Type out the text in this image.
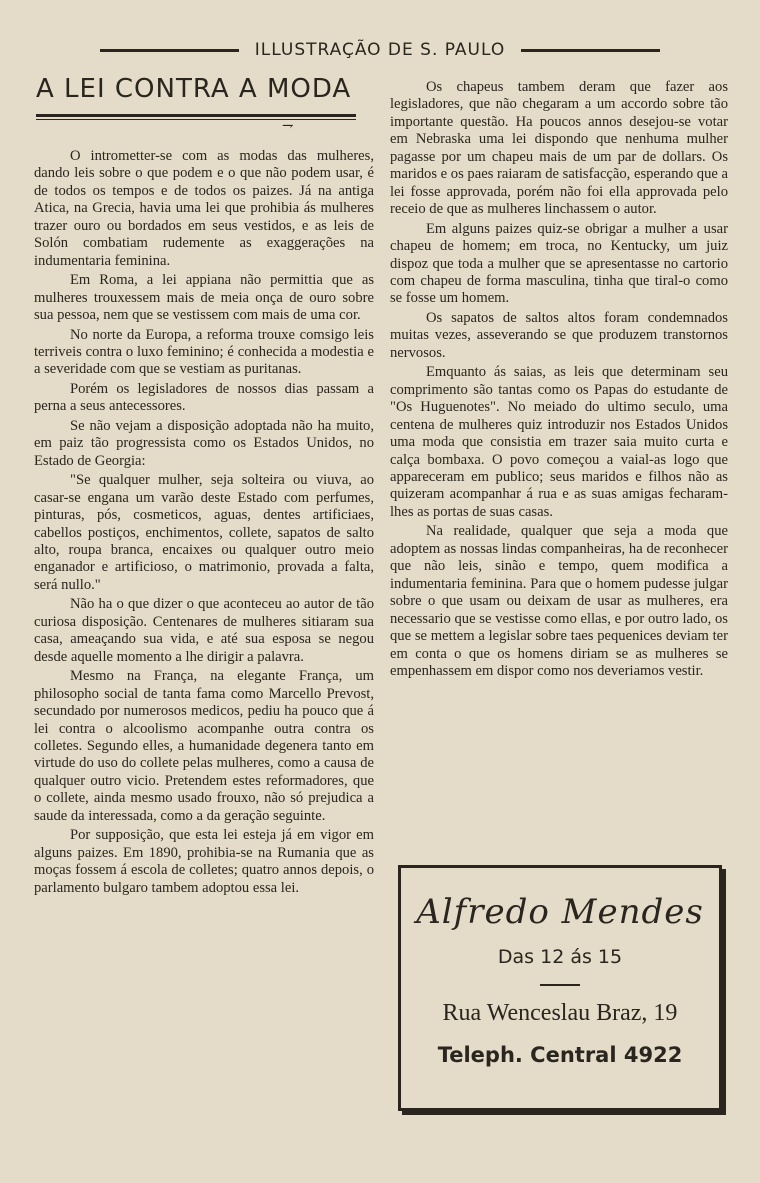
ILLUSTRAÇÃO DE S. PAULO
A LEI CONTRA A MODA
⇁

O intrometter-se com as modas das mulheres, dando leis sobre o que podem e o que não podem usar, é de todos os tempos e de todos os paizes. Já na antiga Atica, na Grecia, havia uma lei que prohibia ás mulheres trazer ouro ou bordados em seus vestidos, e as leis de Solón combatiam rudemente as exaggerações na indumentaria feminina.

Em Roma, a lei appiana não permittia que as mulheres trouxessem mais de meia onça de ouro sobre sua pessoa, nem que se vestissem com mais de uma cor.

No norte da Europa, a reforma trouxe comsigo leis terriveis contra o luxo feminino; é conhecida a modestia e a severidade com que se vestiam as puritanas.

Porém os legisladores de nossos dias passam a perna a seus antecessores.

Se não vejam a disposição adoptada não ha muito, em paiz tão progressista como os Estados Unidos, no Estado de Georgia:

"Se qualquer mulher, seja solteira ou viuva, ao casar-se engana um varão deste Estado com perfumes, pinturas, pós, cosmeticos, aguas, dentes artificiaes, cabellos postiços, enchimentos, collete, sapatos de salto alto, roupa branca, encaixes ou qualquer outro meio enganador e artificioso, o matrimonio, provada a falta, será nullo."

Não ha o que dizer o que aconteceu ao autor de tão curiosa disposição. Centenares de mulheres sitiaram sua casa, ameaçando sua vida, e até sua esposa se negou desde aquelle momento a lhe dirigir a palavra.

Mesmo na França, na elegante França, um philosopho social de tanta fama como Marcello Prevost, secundado por numerosos medicos, pediu ha pouco que á lei contra o alcoolismo acompanhe outra contra os colletes. Segundo elles, a humanidade degenera tanto em virtude do uso do collete pelas mulheres, como a causa de qualquer outro vicio. Pretendem estes reformadores, que o collete, ainda mesmo usado frouxo, não só prejudica a saude da interessada, como a da geração seguinte.

Por supposição, que esta lei esteja já em vigor em alguns paizes. Em 1890, prohibia-se na Rumania que as moças fossem á escola de colletes; quatro annos depois, o parlamento bulgaro tambem adoptou essa lei.

Os chapeus tambem deram que fazer aos legisladores, que não chegaram a um accordo sobre tão importante questão. Ha poucos annos desejou-se votar em Nebraska uma lei dispondo que nenhuma mulher pagasse por um chapeu mais de um par de dollars. Os maridos e os paes raiaram de satisfacção, esperando que a lei fosse approvada, porém não foi ella approvada pelo receio de que as mulheres linchassem o autor.

Em alguns paizes quiz-se obrigar a mulher a usar chapeu de homem; em troca, no Kentucky, um juiz dispoz que toda a mulher que se apresentasse no cartorio com chapeu de forma masculina, tinha que tiral-o como se fosse um homem.

Os sapatos de saltos altos foram condemnados muitas vezes, asseverando se que produzem transtornos nervosos.

Emquanto ás saias, as leis que determinam seu comprimento são tantas como os Papas do estudante de "Os Huguenotes". No meiado do ultimo seculo, uma centena de mulheres quiz introduzir nos Estados Unidos uma moda que consistia em trazer saia muito curta e calça bombaxa. O povo começou a vaial-as logo que appareceram em publico; seus maridos e filhos não as quizeram acompanhar á rua e as suas amigas fecharam-lhes as portas de suas casas.

Na realidade, qualquer que seja a moda que adoptem as nossas lindas companheiras, ha de reconhecer que não leis, sinão e tempo, quem modifica a indumentaria feminina. Para que o homem pudesse julgar sobre o que usam ou deixam de usar as mulheres, era necessario que se vestisse como ellas, e por outro lado, os que se mettem a legislar sobre taes pequenices deviam ter em conta o que os homens diriam se as mulheres se empenhassem em dispor como nos deveriamos vestir.

Alfredo Mendes
Das 12 ás 15
Rua Wenceslau Braz, 19
Teleph. Central 4922
